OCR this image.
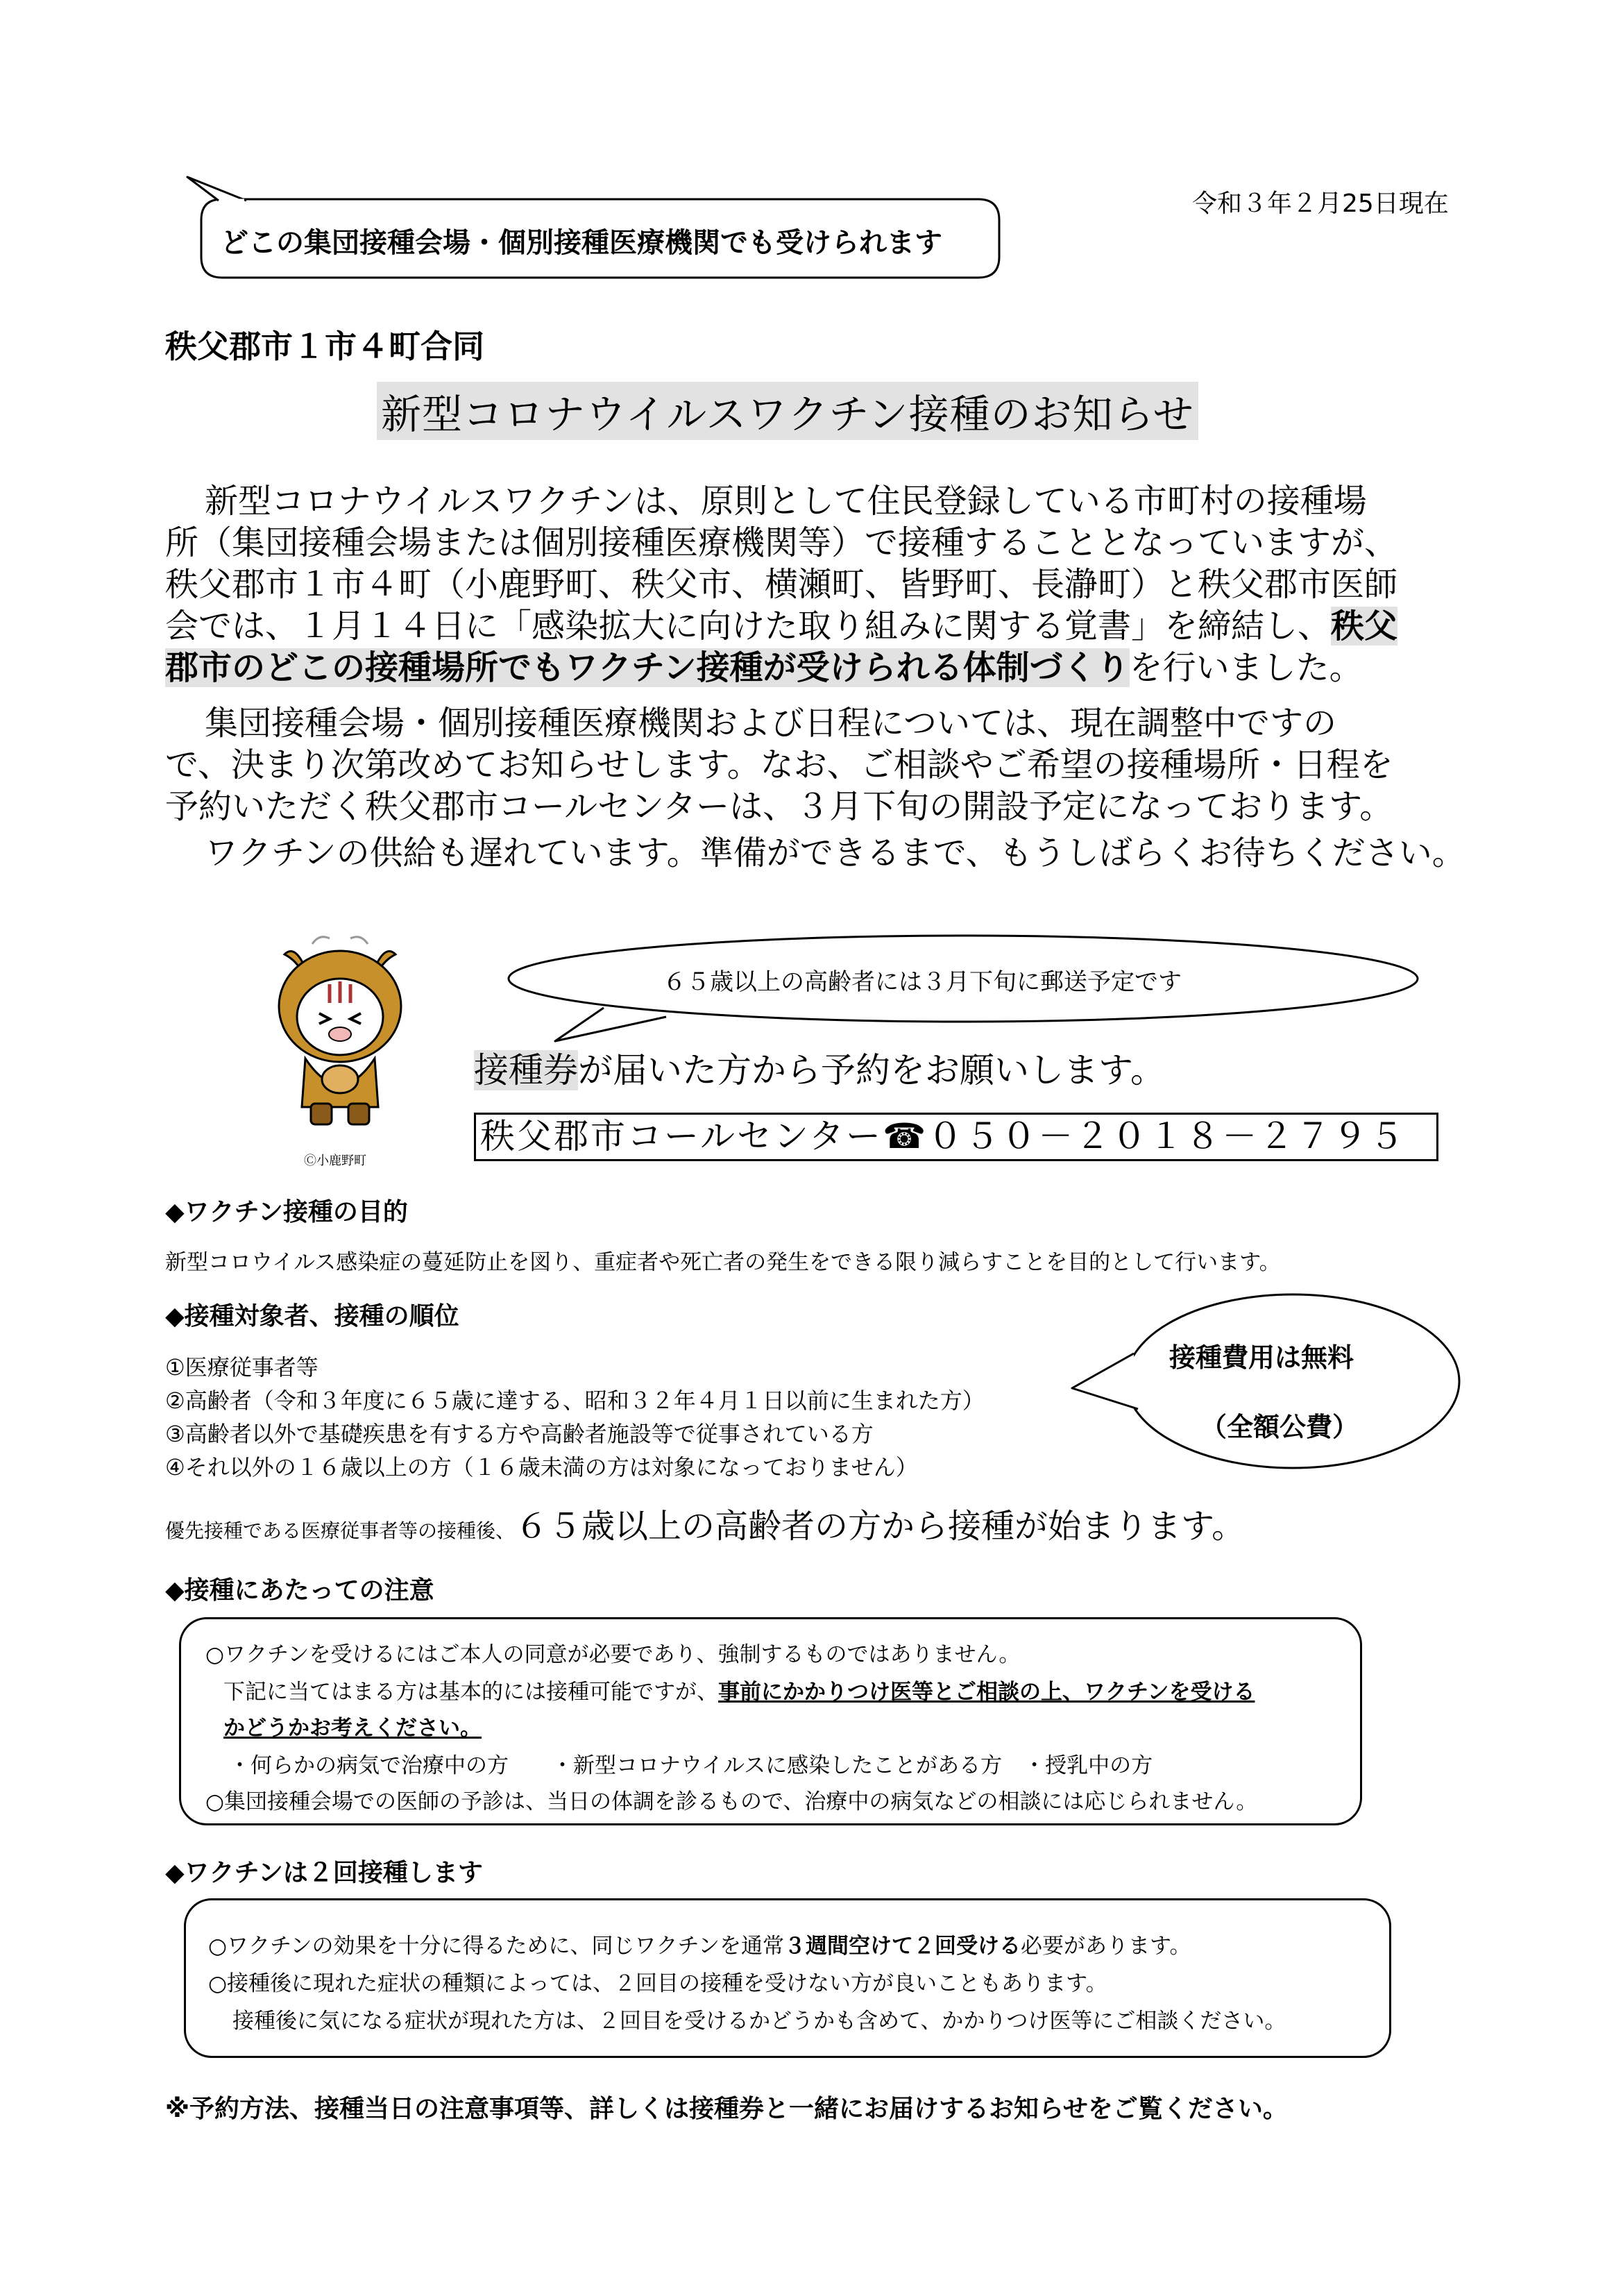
令和３年２月25日現在
どこの集団接種会場・個別接種医療機関でも受けられます
秩父郡市１市４町合同
新型コロナウイルスワクチン接種のお知らせ
新型コロナウイルスワクチンは、原則として住民登録している市町村の接種場
所（集団接種会場または個別接種医療機関等）で接種することとなっていますが、
秩父郡市１市４町（小鹿野町、秩父市、横瀬町、皆野町、長瀞町）と秩父郡市医師
会では、１月１４日に「感染拡大に向けた取り組みに関する覚書」を締結し、秩父
郡市のどこの接種場所でもワクチン接種が受けられる体制づくりを行いました。
集団接種会場・個別接種医療機関および日程については、現在調整中ですの
で、決まり次第改めてお知らせします。なお、ご相談やご希望の接種場所・日程を
予約いただく秩父郡市コールセンターは、３月下旬の開設予定になっております。
ワクチンの供給も遅れています。準備ができるまで、もうしばらくお待ちください。
Ⓒ小鹿野町
６５歳以上の高齢者には３月下旬に郵送予定です
接種券が届いた方から予約をお願いします。
秩父郡市コールセンター☎０５０－２０１８－２７９５
◆ワクチン接種の目的
新型コロウイルス感染症の蔓延防止を図り、重症者や死亡者の発生をできる限り減らすことを目的として行います。
◆接種対象者、接種の順位
①医療従事者等
②高齢者（令和３年度に６５歳に達する、昭和３２年４月１日以前に生まれた方）
③高齢者以外で基礎疾患を有する方や高齢者施設等で従事されている方
④それ以外の１６歳以上の方（１６歳未満の方は対象になっておりません）
優先接種である医療従事者等の接種後、６５歳以上の高齢者の方から接種が始まります。
接種費用は無料
（全額公費）
◆接種にあたっての注意
○ワクチンを受けるにはご本人の同意が必要であり、強制するものではありません。
下記に当てはまる方は基本的には接種可能ですが、事前にかかりつけ医等とご相談の上、ワクチンを受ける
かどうかお考えください。
・何らかの病気で治療中の方　　・新型コロナウイルスに感染したことがある方　・授乳中の方
○集団接種会場での医師の予診は、当日の体調を診るもので、治療中の病気などの相談には応じられません。
◆ワクチンは２回接種します
○ワクチンの効果を十分に得るために、同じワクチンを通常３週間空けて２回受ける必要があります。
○接種後に現れた症状の種類によっては、２回目の接種を受けない方が良いこともあります。
接種後に気になる症状が現れた方は、２回目を受けるかどうかも含めて、かかりつけ医等にご相談ください。
※予約方法、接種当日の注意事項等、詳しくは接種券と一緒にお届けするお知らせをご覧ください。
